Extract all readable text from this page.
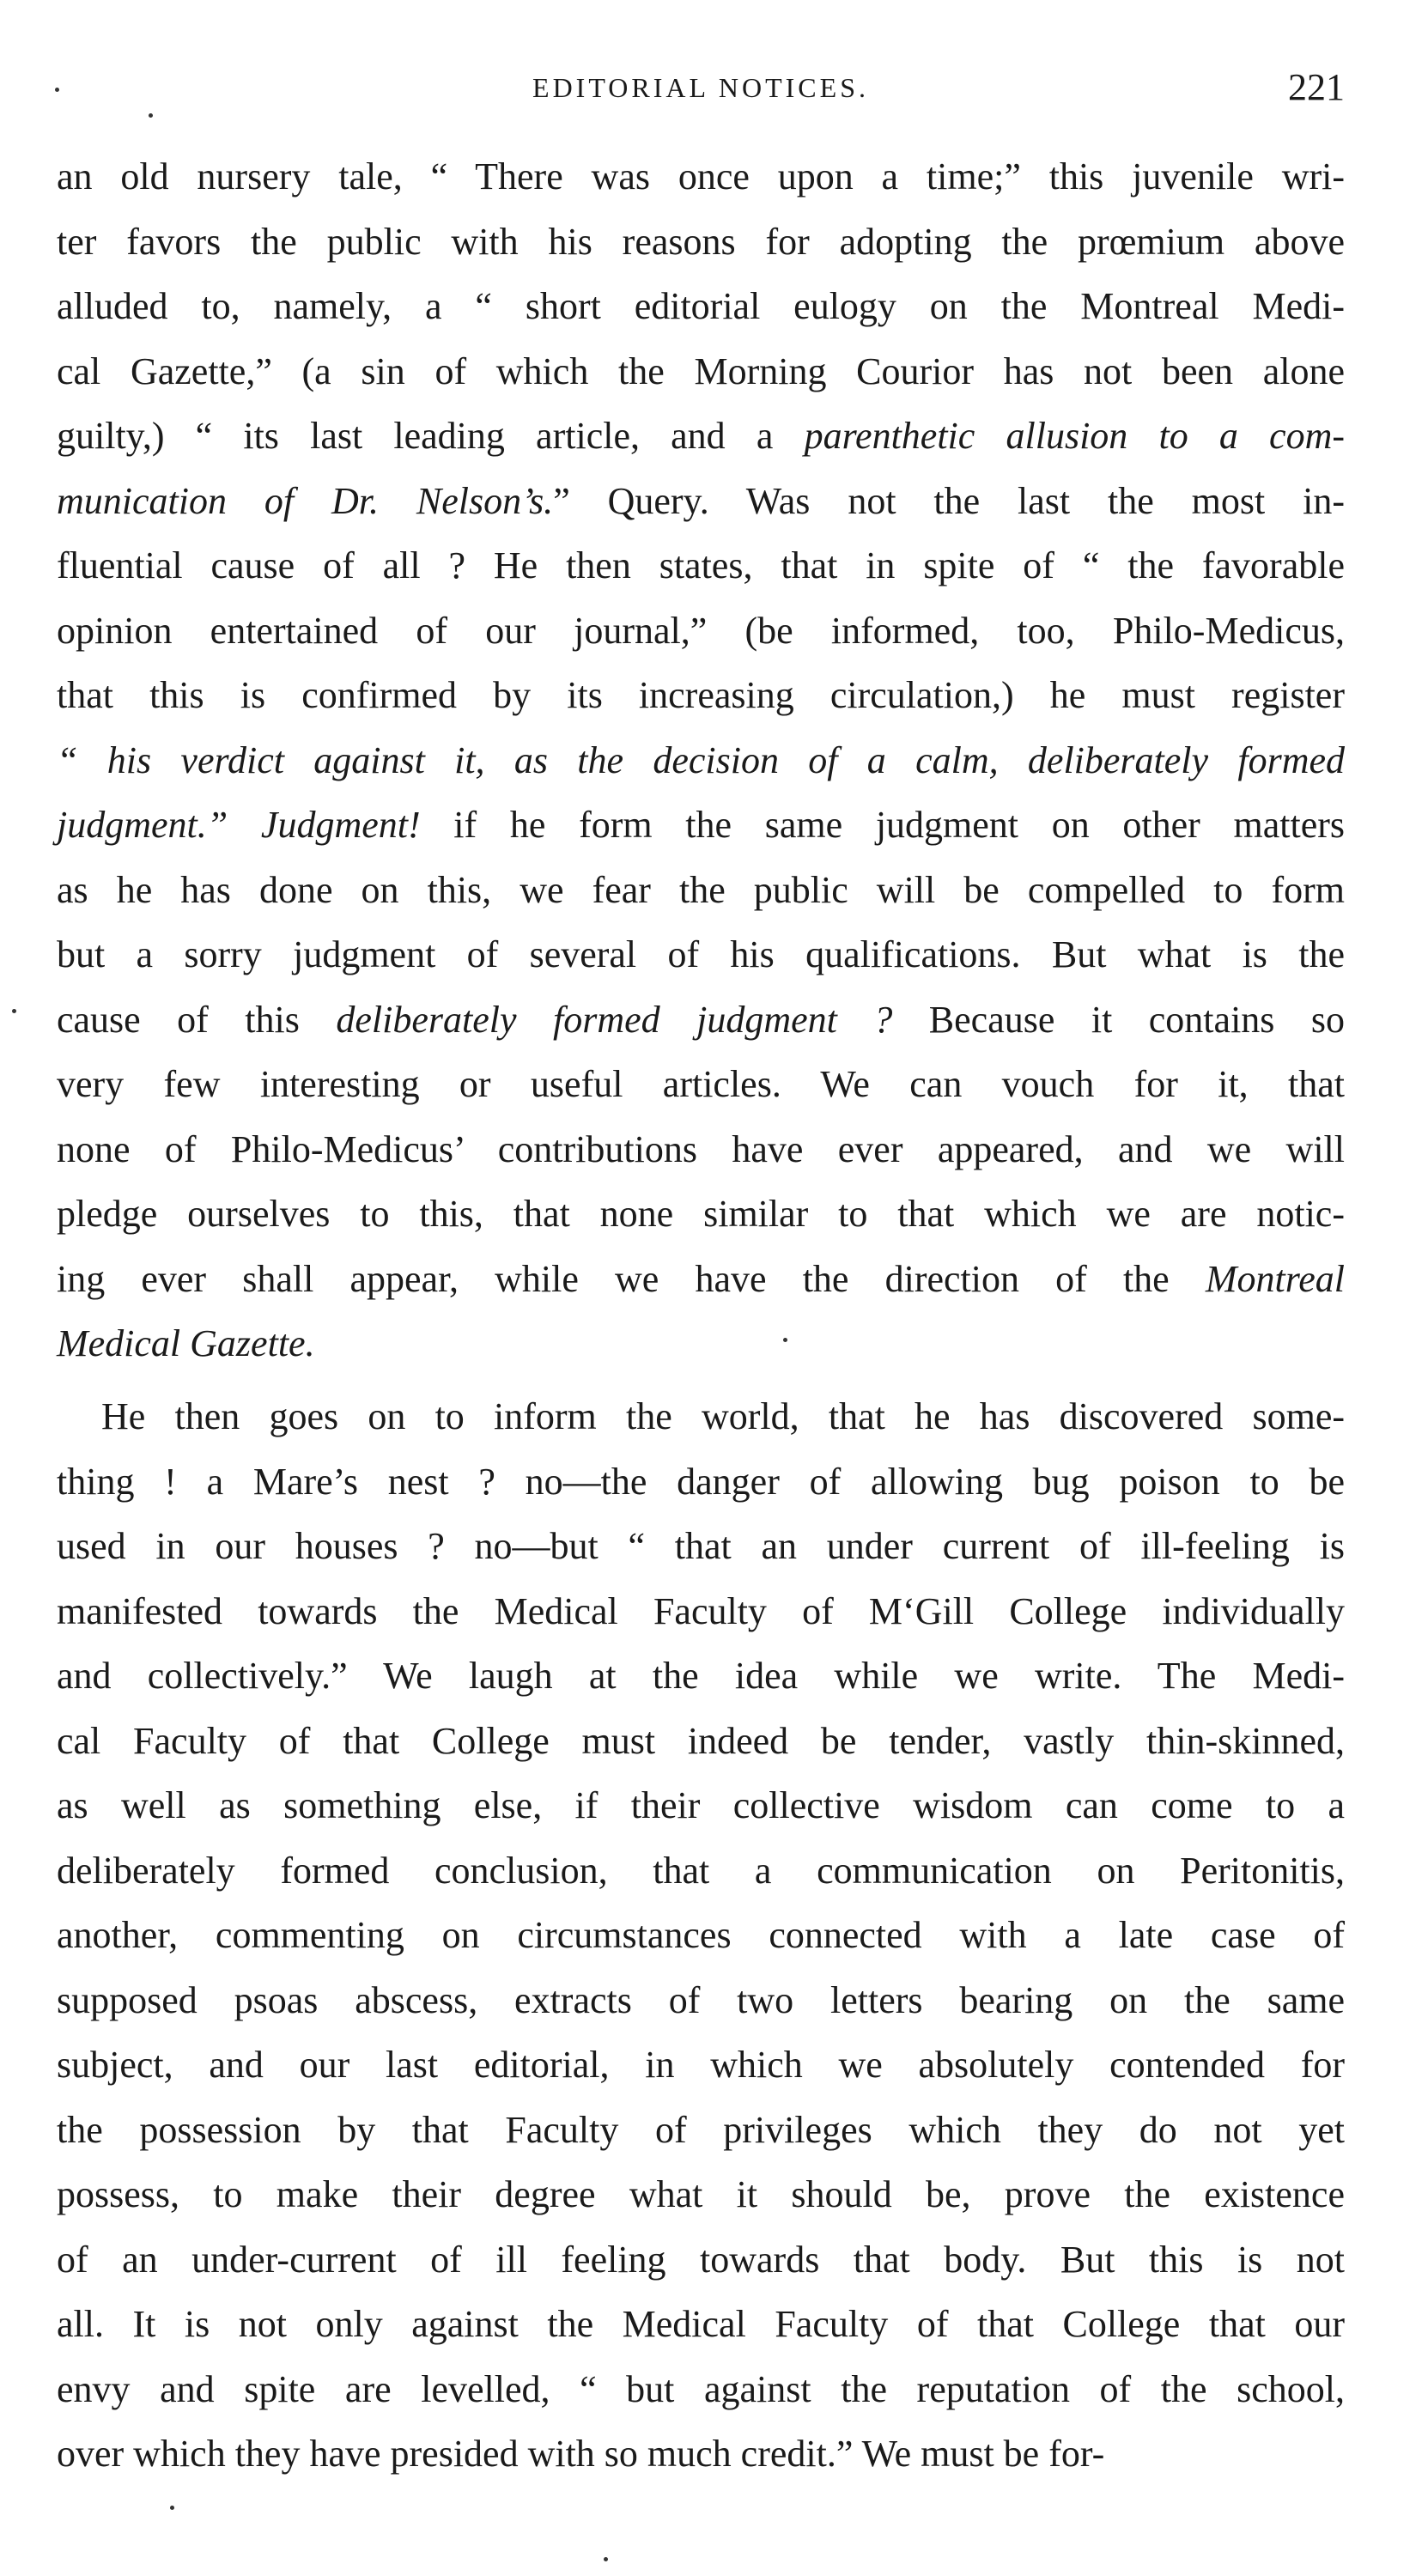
EDITORIAL NOTICES.	221
an old nursery tale, “ There was once upon a time;” this juvenile wri-
ter favors the public with his reasons for adopting the prœmium above
alluded to, namely, a “ short editorial eulogy on the Montreal Medi-
cal Gazette,” (a sin of which the Morning Courior has not been alone
guilty,) “ its last leading article, and a parenthetic allusion to a com-
munication of Dr. Nelson’s.” Query. Was not the last the most in-
fluential cause of all ? He then states, that in spite of “ the favorable
opinion entertained of our journal,” (be informed, too, Philo-Medicus,
that this is confirmed by its increasing circulation,) he must register
“ his verdict against it, as the decision of a calm, deliberately formed
judgment.” Judgment! if he form the same judgment on other matters
as he has done on this, we fear the public will be compelled to form
but a sorry judgment of several of his qualifications. But what is the
cause of this deliberately formed judgment ? Because it contains so
very few interesting or useful articles. We can vouch for it, that
none of Philo-Medicus’ contributions have ever appeared, and we will
pledge ourselves to this, that none similar to that which we are notic-
ing ever shall appear, while we have the direction of the Montreal
Medical Gazette.
He then goes on to inform the world, that he has discovered some-
thing ! a Mare’s nest ? no—the danger of allowing bug poison to be
used in our houses ? no—but “ that an under current of ill-feeling is
manifested towards the Medical Faculty of M‘Gill College individually
and collectively.” We laugh at the idea while we write. The Medi-
cal Faculty of that College must indeed be tender, vastly thin-skinned,
as well as something else, if their collective wisdom can come to a
deliberately formed conclusion, that a communication on Peritonitis,
another, commenting on circumstances connected with a late case of
supposed psoas abscess, extracts of two letters bearing on the same
subject, and our last editorial, in which we absolutely contended for
the possession by that Faculty of privileges which they do not yet
possess, to make their degree what it should be, prove the existence
of an under-current of ill feeling towards that body. But this is not
all. It is not only against the Medical Faculty of that College that our
envy and spite are levelled, “ but against the reputation of the school,
over which they have presided with so much credit.” We must be for-
